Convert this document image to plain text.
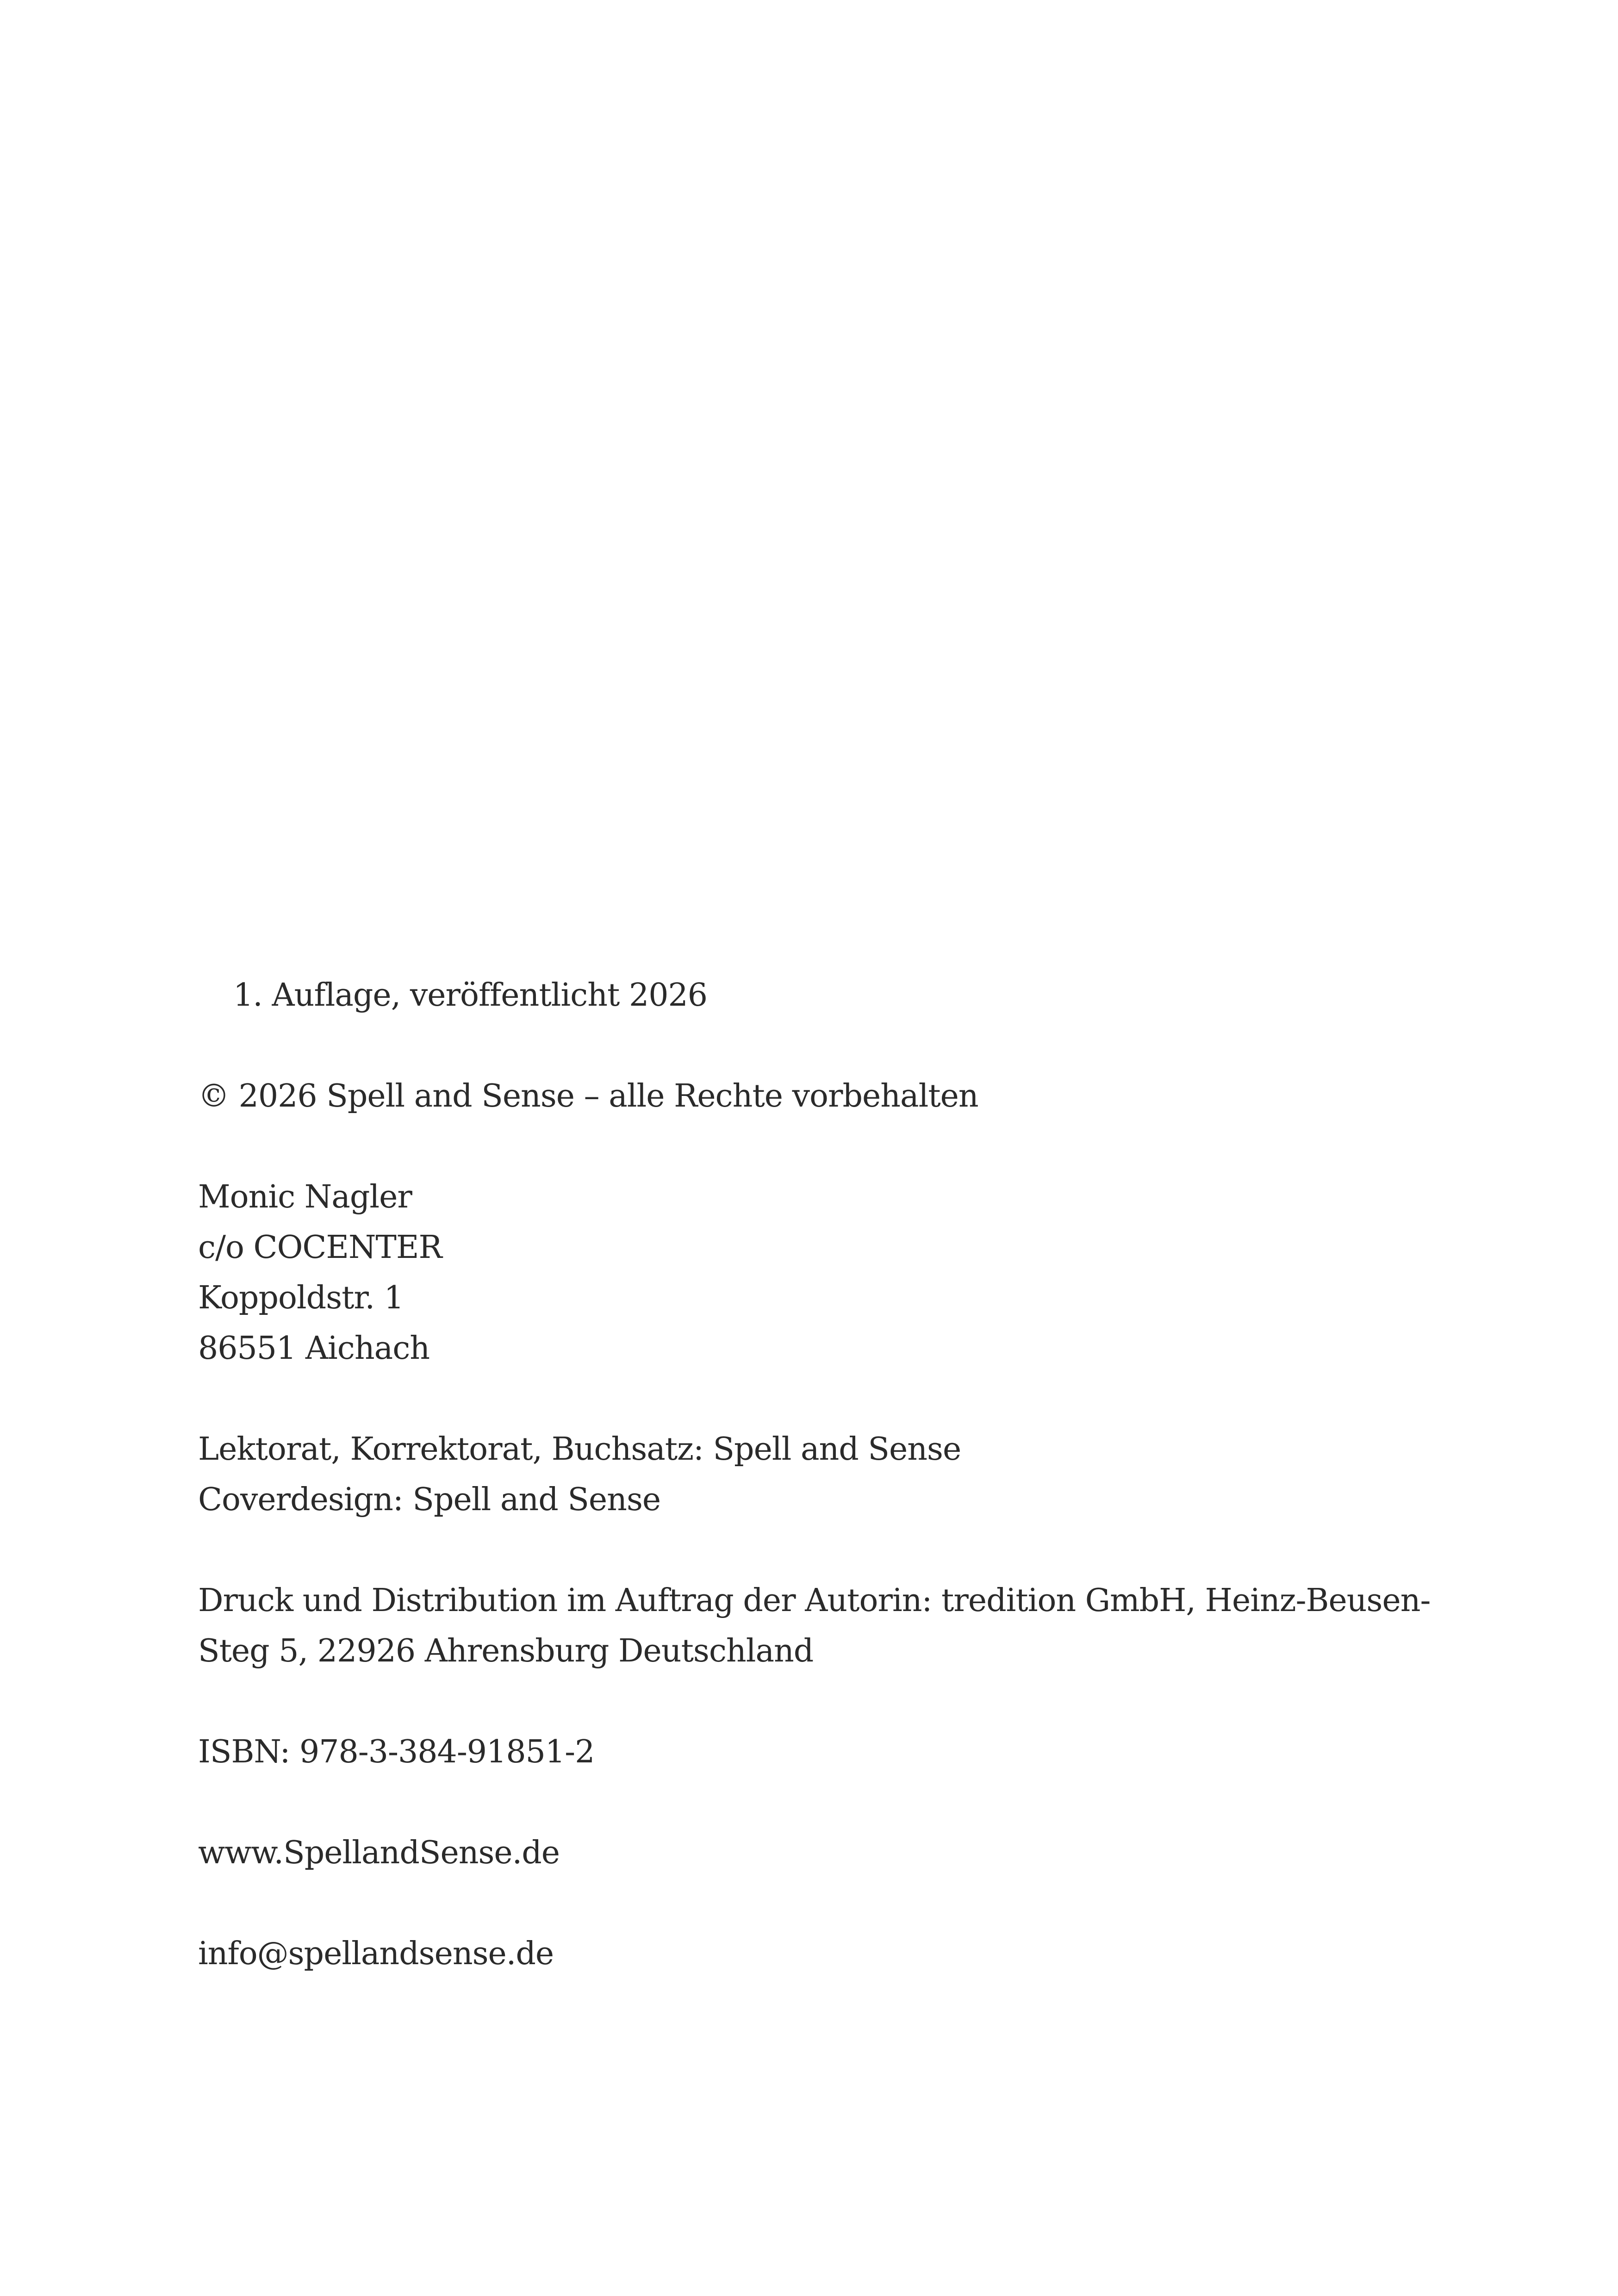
1. Auflage, veröffentlicht 2026
© 2026 Spell and Sense – alle Rechte vorbehalten
Monic Nagler
c/o COCENTER
Koppoldstr. 1
86551 Aichach
Lektorat, Korrektorat, Buchsatz: Spell and Sense
Coverdesign: Spell and Sense
Druck und Distribution im Auftrag der Autorin: tredition GmbH, Heinz-Beusen-
Steg 5, 22926 Ahrensburg Deutschland
ISBN: 978-3-384-91851-2
www.SpellandSense.de
info@spellandsense.de
